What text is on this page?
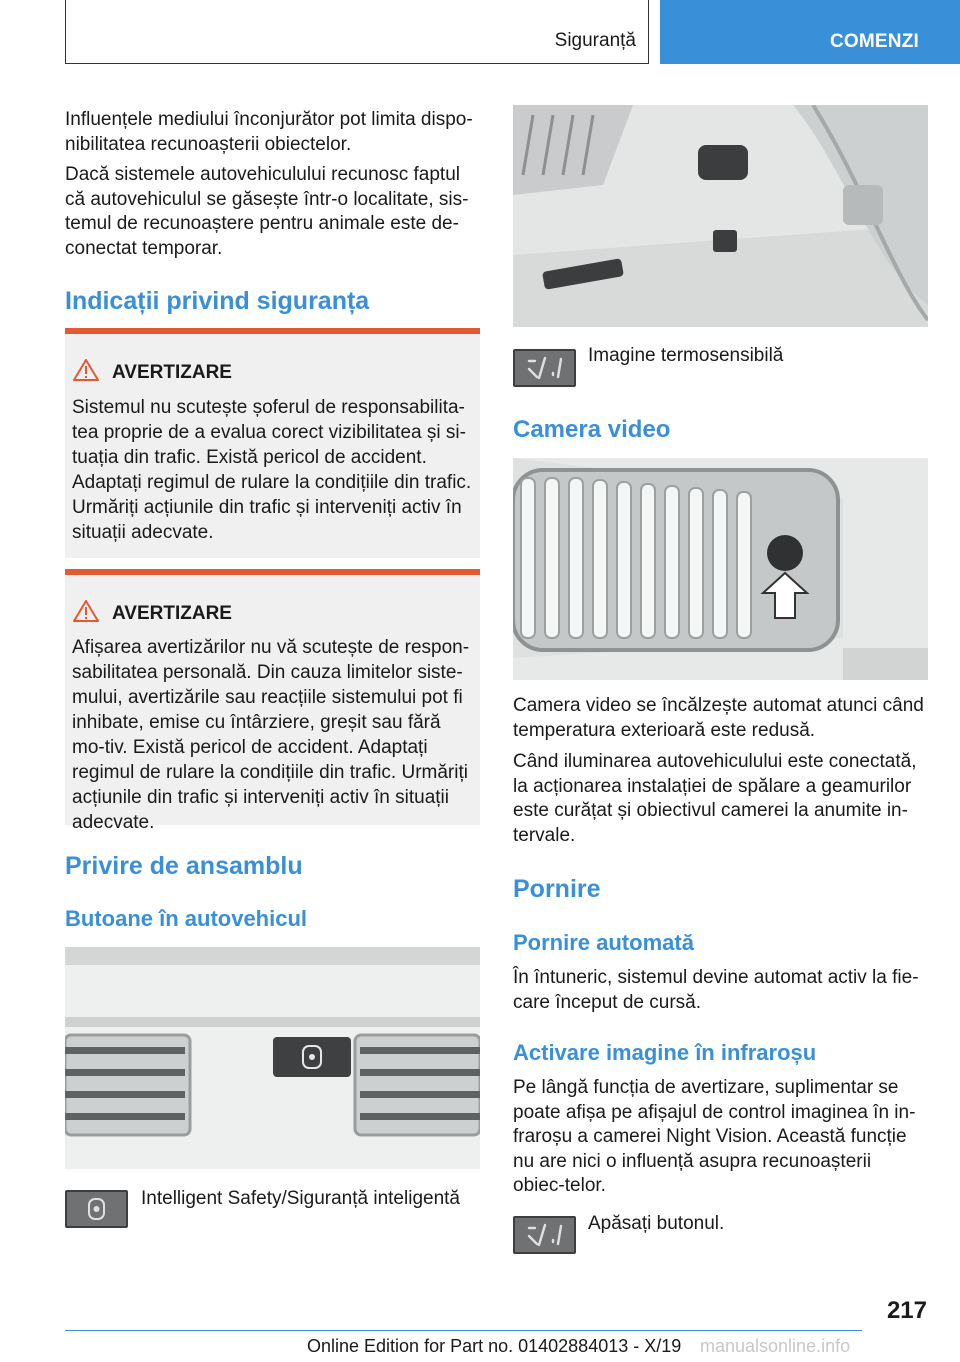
Siguranță	COMENZI

Influențele mediului înconjurător pot limita dispo-nibilitatea recunoașterii obiectelor.

Dacă sistemele autovehiculului recunosc faptul că autovehiculul se găsește într-o localitate, sis-temul de recunoaștere pentru animale este de-conectat temporar.

Indicații privind siguranța
AVERTIZARE
Sistemul nu scutește șoferul de responsabilita-tea proprie de a evalua corect vizibilitatea și si-tuația din trafic. Există pericol de accident. Adaptați regimul de rulare la condițiile din trafic. Urmăriți acțiunile din trafic și interveniți activ în situații adecvate.
AVERTIZARE
Afișarea avertizărilor nu vă scutește de respon-sabilitatea personală. Din cauza limitelor siste-mului, avertizările sau reacțiile sistemului pot fi inhibate, emise cu întârziere, greșit sau fără mo-tiv. Există pericol de accident. Adaptați regimul de rulare la condițiile din trafic. Urmăriți acțiunile din trafic și interveniți activ în situații adecvate.
Privire de ansamblu
Butoane în autovehicul

Intelligent Safety/Siguranță inteligentă

Imagine termosensibilă

Camera video

Camera video se încălzește automat atunci când temperatura exterioară este redusă.

Când iluminarea autovehiculului este conectată, la acționarea instalației de spălare a geamurilor este curățat și obiectivul camerei la anumite in-tervale.

Pornire
Pornire automată

În întuneric, sistemul devine automat activ la fie-care început de cursă.

Activare imagine în infraroșu

Pe lângă funcția de avertizare, suplimentar se poate afișa pe afișajul de control imaginea în in-fraroșu a camerei Night Vision. Această funcție nu are nici o influență asupra recunoașterii obiec-telor.

Apăsați butonul.

217
Online Edition for Part no. 01402884013 - X/19 manualsonline.info
